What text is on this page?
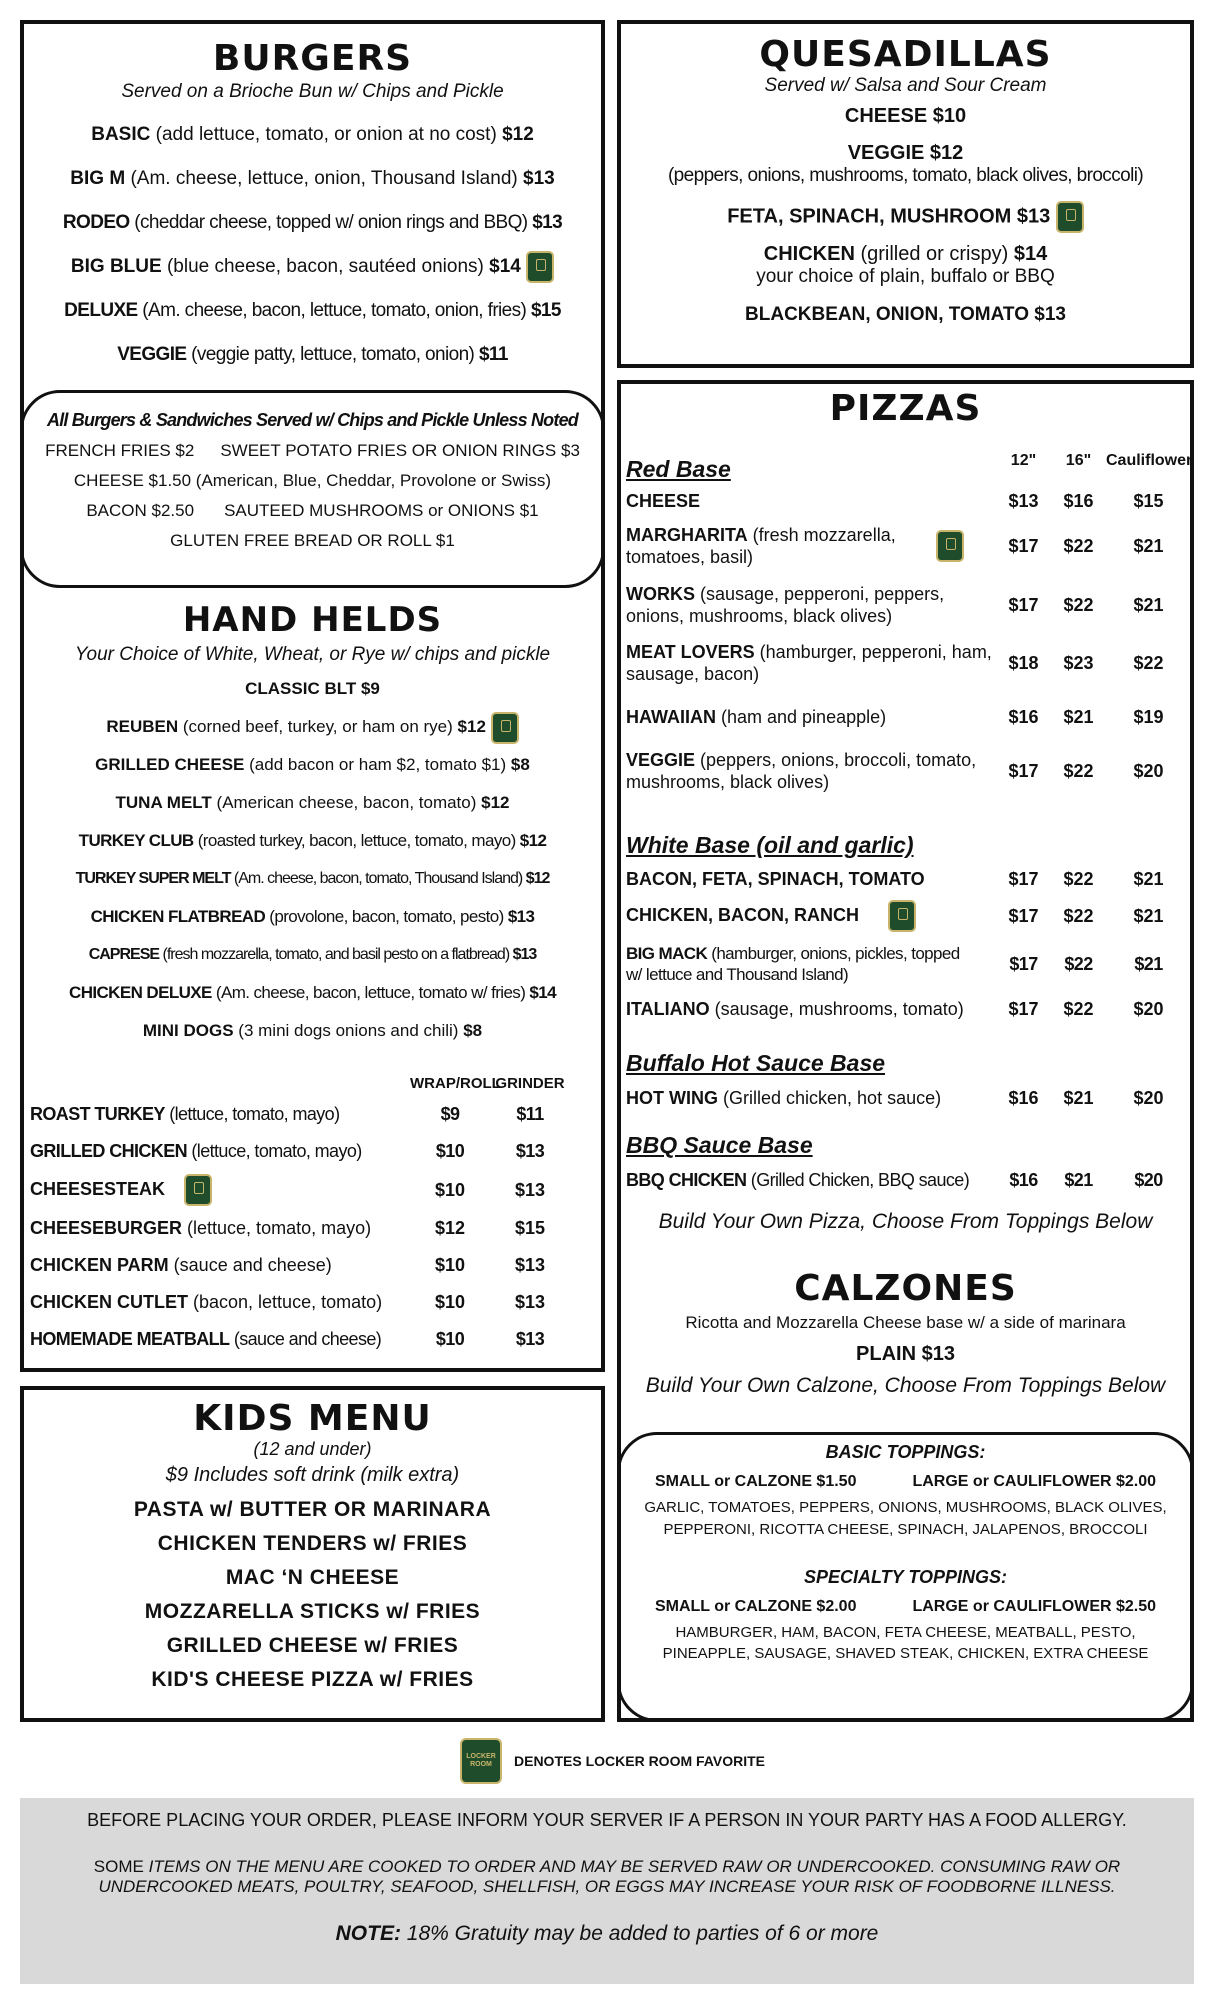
BURGERS
Served on a Brioche Bun w/ Chips and Pickle

BASIC (add lettuce, tomato, or onion at no cost) $12

BIG M (Am. cheese, lettuce, onion, Thousand Island) $13

RODEO (cheddar cheese, topped w/ onion rings and BBQ) $13

BIG BLUE (blue cheese, bacon, sautéed onions) $14

DELUXE (Am. cheese, bacon, lettuce, tomato, onion, fries) $15

VEGGIE (veggie patty, lettuce, tomato, onion) $11

All Burgers & Sandwiches Served w/ Chips and Pickle Unless Noted
FRENCH FRIES $2 SWEET POTATO FRIES OR ONION RINGS $3
CHEESE $1.50 (American, Blue, Cheddar, Provolone or Swiss)
BACON $2.50 SAUTEED MUSHROOMS or ONIONS $1
GLUTEN FREE BREAD OR ROLL $1
HAND HELDS
Your Choice of White, Wheat, or Rye w/ chips and pickle

CLASSIC BLT $9

REUBEN (corned beef, turkey, or ham on rye) $12

GRILLED CHEESE (add bacon or ham $2, tomato $1) $8

TUNA MELT (American cheese, bacon, tomato) $12

TURKEY CLUB (roasted turkey, bacon, lettuce, tomato, mayo) $12

TURKEY SUPER MELT (Am. cheese, bacon, tomato, Thousand Island) $12

CHICKEN FLATBREAD (provolone, bacon, tomato, pesto) $13

CAPRESE (fresh mozzarella, tomato, and basil pesto on a flatbread) $13

CHICKEN DELUXE (Am. cheese, bacon, lettuce, tomato w/ fries) $14

MINI DOGS (3 mini dogs onions and chili) $8

WRAP/ROLL
GRINDER
ROAST TURKEY (lettuce, tomato, mayo)	$9	$11
GRILLED CHICKEN (lettuce, tomato, mayo)	$10	$13
CHEESESTEAK	$10	$13
CHEESEBURGER (lettuce, tomato, mayo)	$12	$15
CHICKEN PARM (sauce and cheese)	$10	$13
CHICKEN CUTLET (bacon, lettuce, tomato)	$10	$13
HOMEMADE MEATBALL (sauce and cheese)	$10	$13
KIDS MENU
(12 and under)
$9 Includes soft drink (milk extra)
PASTA w/ BUTTER OR MARINARA
CHICKEN TENDERS w/ FRIES
MAC ‘N CHEESE
MOZZARELLA STICKS w/ FRIES
GRILLED CHEESE w/ FRIES
KID'S CHEESE PIZZA w/ FRIES
QUESADILLAS
Served w/ Salsa and Sour Cream
CHEESE $10
VEGGIE $12
(peppers, onions, mushrooms, tomato, black olives, broccoli)
FETA, SPINACH, MUSHROOM $13
CHICKEN (grilled or crispy) $14
your choice of plain, buffalo or BBQ
BLACKBEAN, ONION, TOMATO $13
PIZZAS
Red Base	12"	16" Cauliflower
CHEESE	$13	$16	$15
MARGHARITA (fresh mozzarella, tomatoes, basil)
$17	$22	$21
WORKS (sausage, pepperoni, peppers, onions, mushrooms, black olives)
$17	$22	$21
MEAT LOVERS (hamburger, pepperoni, ham, sausage, bacon)
$18	$23	$22
HAWAIIAN (ham and pineapple)	$16	$21	$19
VEGGIE (peppers, onions, broccoli, tomato, mushrooms, black olives)
$17	$22	$20
White Base (oil and garlic)
BACON, FETA, SPINACH, TOMATO	$17	$22	$21
CHICKEN, BACON, RANCH	$17	$22	$21
BIG MACK (hamburger, onions, pickles, topped w/ lettuce and Thousand Island)
$17	$22	$21
ITALIANO (sausage, mushrooms, tomato)	$17	$22	$20
Buffalo Hot Sauce Base
HOT WING (Grilled chicken, hot sauce)	$16	$21	$20
BBQ Sauce Base
BBQ CHICKEN (Grilled Chicken, BBQ sauce)	$16	$21	$20
Build Your Own Pizza, Choose From Toppings Below
CALZONES
Ricotta and Mozzarella Cheese base w/ a side of marinara
PLAIN $13
Build Your Own Calzone, Choose From Toppings Below
BASIC TOPPINGS:
SMALL or CALZONE $1.50	LARGE or CAULIFLOWER $2.00
GARLIC, TOMATOES, PEPPERS, ONIONS, MUSHROOMS, BLACK OLIVES, PEPPERONI, RICOTTA CHEESE, SPINACH, JALAPENOS, BROCCOLI
SPECIALTY TOPPINGS:
SMALL or CALZONE $2.00	LARGE or CAULIFLOWER $2.50
HAMBURGER, HAM, BACON, FETA CHEESE, MEATBALL, PESTO, PINEAPPLE, SAUSAGE, SHAVED STEAK, CHICKEN, EXTRA CHEESE
LOCKER ROOM	DENOTES LOCKER ROOM FAVORITE
BEFORE PLACING YOUR ORDER, PLEASE INFORM YOUR SERVER IF A PERSON IN YOUR PARTY HAS A FOOD ALLERGY.
SOME ITEMS ON THE MENU ARE COOKED TO ORDER AND MAY BE SERVED RAW OR UNDERCOOKED. CONSUMING RAW OR UNDERCOOKED MEATS, POULTRY, SEAFOOD, SHELLFISH, OR EGGS MAY INCREASE YOUR RISK OF FOODBORNE ILLNESS.
NOTE: 18% Gratuity may be added to parties of 6 or more
